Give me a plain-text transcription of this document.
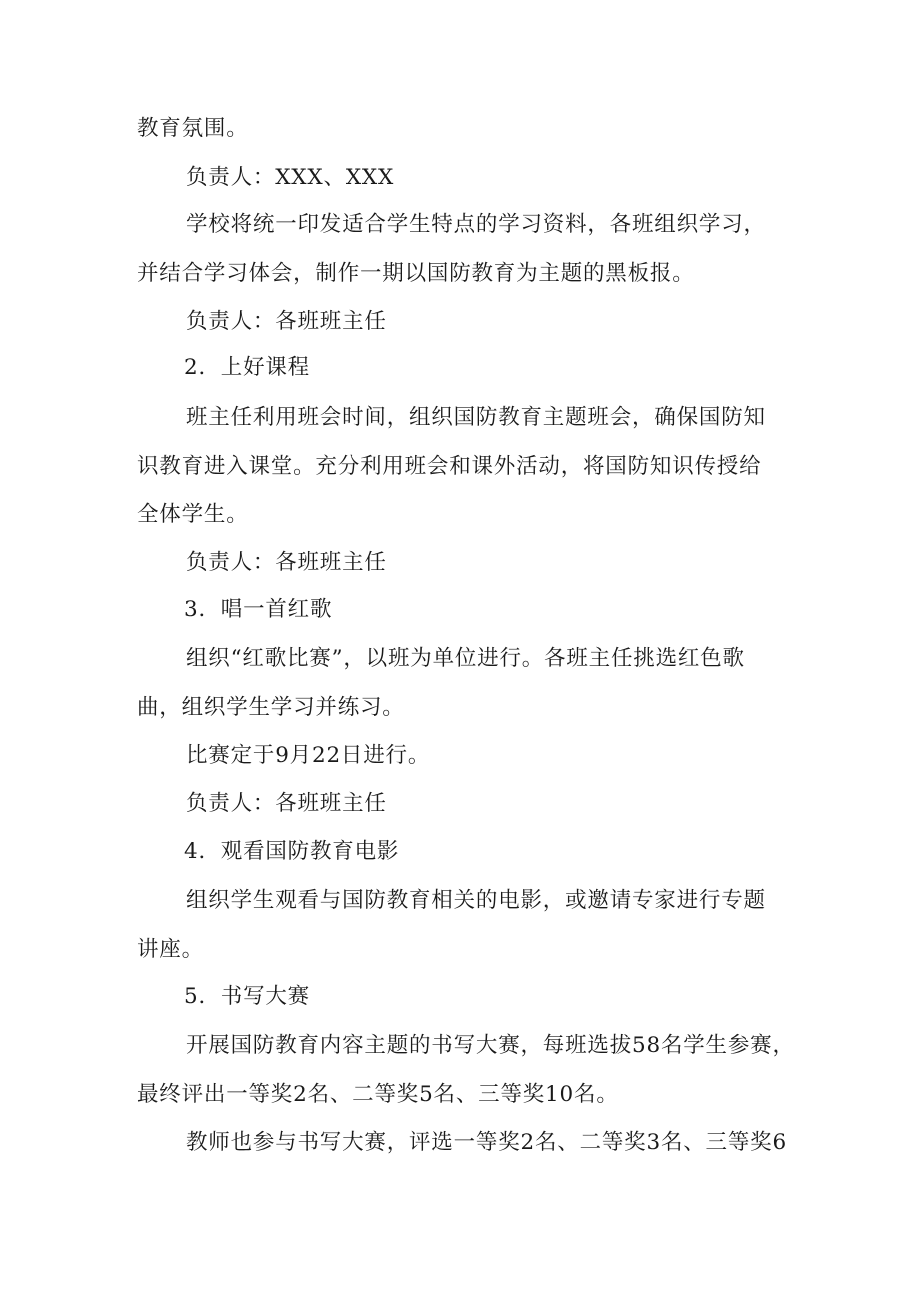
教育氛围。
负责人：XXX、XXX
学校将统一印发适合学生特点的学习资料，各班组织学习，
并结合学习体会，制作一期以国防教育为主题的黑板报。
负责人：各班班主任
2．上好课程
班主任利用班会时间，组织国防教育主题班会，确保国防知
识教育进入课堂。充分利用班会和课外活动，将国防知识传授给
全体学生。
负责人：各班班主任
3．唱一首红歌
组织“红歌比赛”，以班为单位进行。各班主任挑选红色歌
曲，组织学生学习并练习。
比赛定于9月22日进行。
负责人：各班班主任
4．观看国防教育电影
组织学生观看与国防教育相关的电影，或邀请专家进行专题
讲座。
5．书写大赛
开展国防教育内容主题的书写大赛，每班选拔58名学生参赛，
最终评出一等奖2名、二等奖5名、三等奖10名。
教师也参与书写大赛，评选一等奖2名、二等奖3名、三等奖6
